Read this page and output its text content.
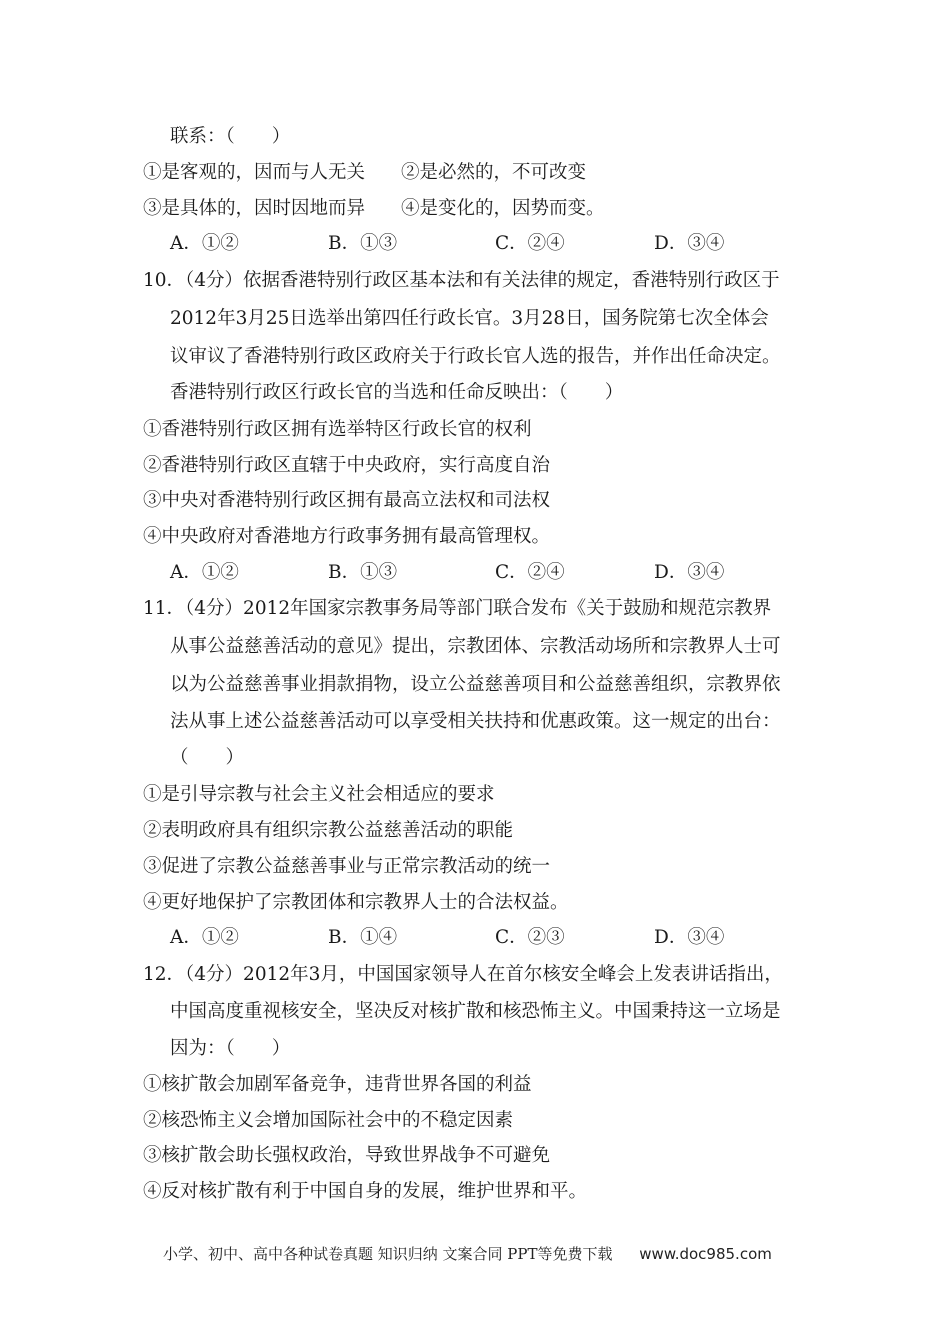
联系：（　　）
①是客观的，因而与人无关 ②是必然的，不可改变
③是具体的，因时因地而异 ④是变化的，因势而变。
A．①②	B．①③	C．②④	D．③④
10．（4分）依据香港特别行政区基本法和有关法律的规定，香港特别行政区于
2012年3月25日选举出第四任行政长官。3月28日，国务院第七次全体会
议审议了香港特别行政区政府关于行政长官人选的报告，并作出任命决定。
香港特别行政区行政长官的当选和任命反映出：（　　）
①香港特别行政区拥有选举特区行政长官的权利
②香港特别行政区直辖于中央政府，实行高度自治
③中央对香港特别行政区拥有最高立法权和司法权
④中央政府对香港地方行政事务拥有最高管理权。
A．①②	B．①③	C．②④	D．③④
11．（4分）2012年国家宗教事务局等部门联合发布《关于鼓励和规范宗教界
从事公益慈善活动的意见》提出，宗教团体、宗教活动场所和宗教界人士可
以为公益慈善事业捐款捐物，设立公益慈善项目和公益慈善组织，宗教界依
法从事上述公益慈善活动可以享受相关扶持和优惠政策。这一规定的出台：
（　　）
①是引导宗教与社会主义社会相适应的要求
②表明政府具有组织宗教公益慈善活动的职能
③促进了宗教公益慈善事业与正常宗教活动的统一
④更好地保护了宗教团体和宗教界人士的合法权益。
A．①②	B．①④	C．②③	D．③④
12．（4分）2012年3月，中国国家领导人在首尔核安全峰会上发表讲话指出，
中国高度重视核安全，坚决反对核扩散和核恐怖主义。中国秉持这一立场是
因为：（　　）
①核扩散会加剧军备竞争，违背世界各国的利益
②核恐怖主义会增加国际社会中的不稳定因素
③核扩散会助长强权政治，导致世界战争不可避免
④反对核扩散有利于中国自身的发展，维护世界和平。
小学、初中、高中各种试卷真题 知识归纳 文案合同 PPT等免费下载 www.doc985.com
